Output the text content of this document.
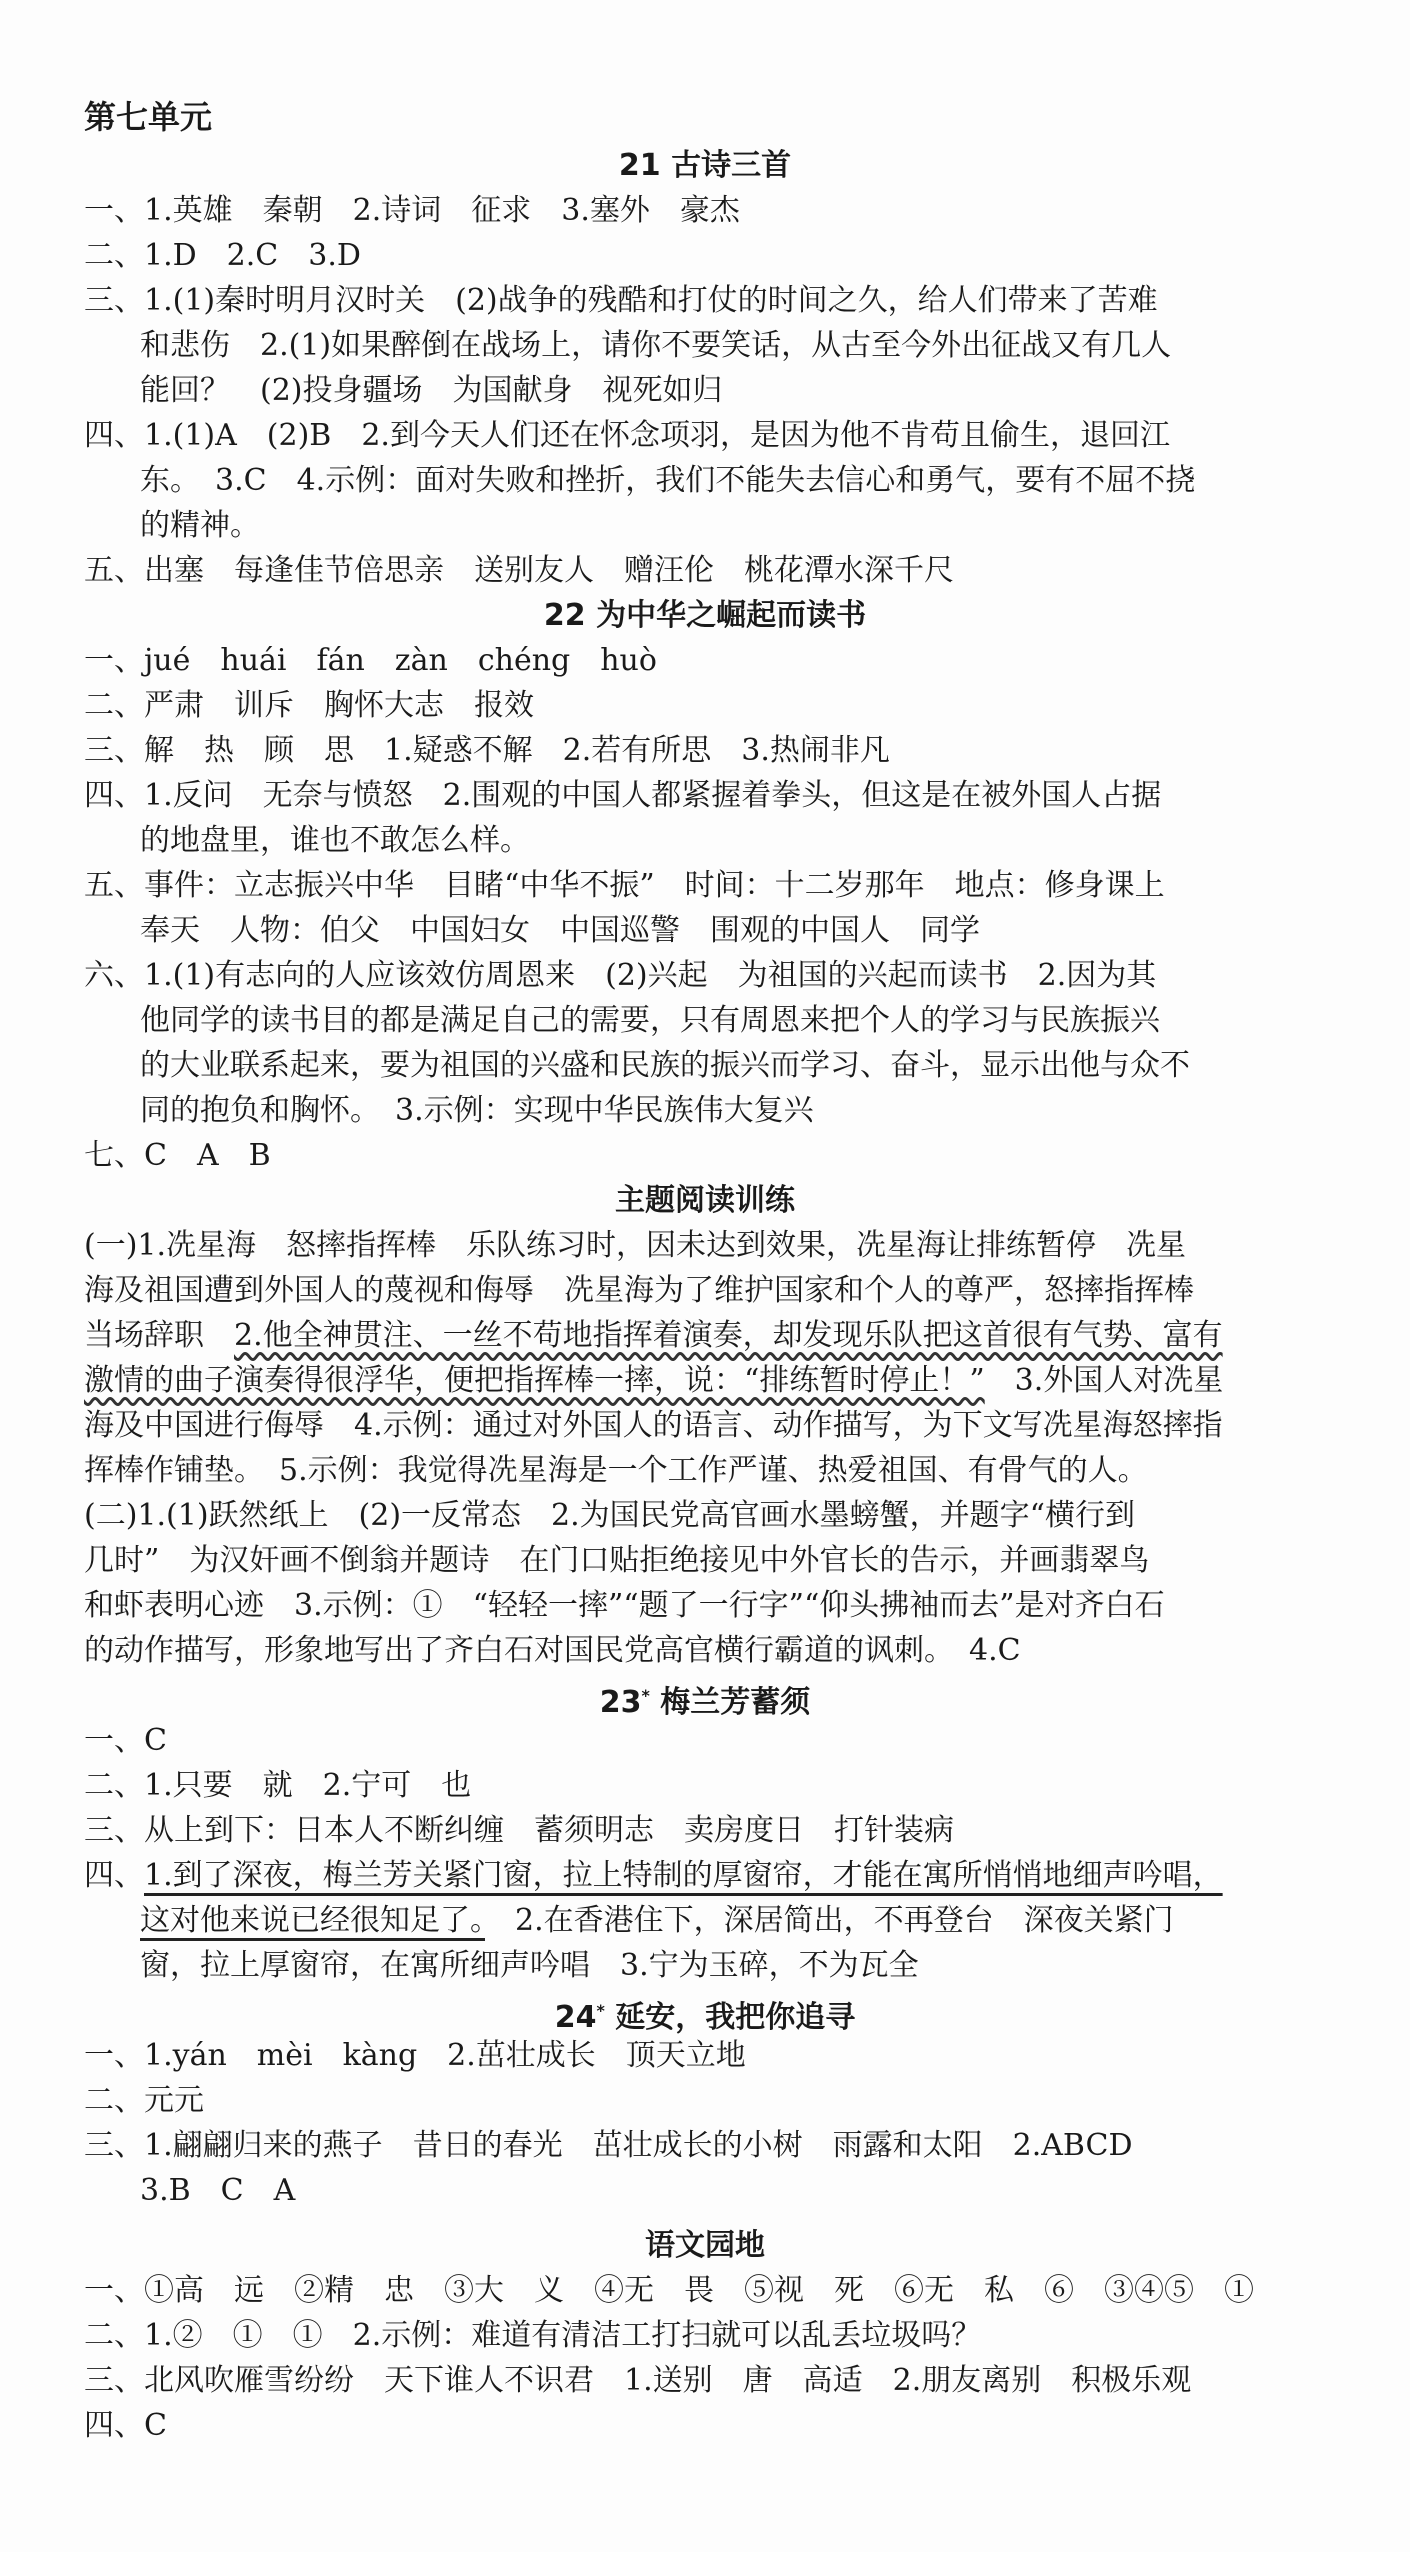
第七单元
21 古诗三首

一、1.英雄　秦朝　2.诗词　征求　3.塞外　豪杰

二、1.D　2.C　3.D

三、1.(1)秦时明月汉时关　(2)战争的残酷和打仗的时间之久，给人们带来了苦难

和悲伤　2.(1)如果醉倒在战场上，请你不要笑话，从古至今外出征战又有几人

能回？　(2)投身疆场　为国献身　视死如归

四、1.(1)A　(2)B　2.到今天人们还在怀念项羽，是因为他不肯苟且偷生，退回江

东。　3.C　4.示例：面对失败和挫折，我们不能失去信心和勇气，要有不屈不挠

的精神。

五、出塞　每逢佳节倍思亲　送别友人　赠汪伦　桃花潭水深千尺

22 为中华之崛起而读书

一、jué　huái　fán　zàn　chéng　huò

二、严肃　训斥　胸怀大志　报效

三、解　热　顾　思　1.疑惑不解　2.若有所思　3.热闹非凡

四、1.反问　无奈与愤怒　2.围观的中国人都紧握着拳头，但这是在被外国人占据

的地盘里，谁也不敢怎么样。

五、事件：立志振兴中华　目睹“中华不振”　时间：十二岁那年　地点：修身课上

奉天　人物：伯父　中国妇女　中国巡警　围观的中国人　同学

六、1.(1)有志向的人应该效仿周恩来　(2)兴起　为祖国的兴起而读书　2.因为其

他同学的读书目的都是满足自己的需要，只有周恩来把个人的学习与民族振兴

的大业联系起来，要为祖国的兴盛和民族的振兴而学习、奋斗，显示出他与众不

同的抱负和胸怀。　3.示例：实现中华民族伟大复兴

七、C　A　B

主题阅读训练

(一)1.冼星海　怒摔指挥棒　乐队练习时，因未达到效果，冼星海让排练暂停　冼星

海及祖国遭到外国人的蔑视和侮辱　冼星海为了维护国家和个人的尊严，怒摔指挥棒

当场辞职　2.他全神贯注、一丝不苟地指挥着演奏，却发现乐队把这首很有气势、富有

激情的曲子演奏得很浮华，便把指挥棒一摔，说：“排练暂时停止！”　3.外国人对冼星

海及中国进行侮辱　4.示例：通过对外国人的语言、动作描写，为下文写冼星海怒摔指

挥棒作铺垫。　5.示例：我觉得冼星海是一个工作严谨、热爱祖国、有骨气的人。

(二)1.(1)跃然纸上　(2)一反常态　2.为国民党高官画水墨螃蟹，并题字“横行到

几时”　为汉奸画不倒翁并题诗　在门口贴拒绝接见中外官长的告示，并画翡翠鸟

和虾表明心迹　3.示例：①　“轻轻一摔”“题了一行字”“仰头拂袖而去”是对齐白石

的动作描写，形象地写出了齐白石对国民党高官横行霸道的讽刺。　4.C

23* 梅兰芳蓄须

一、C

二、1.只要　就　2.宁可　也

三、从上到下：日本人不断纠缠　蓄须明志　卖房度日　打针装病

四、1.到了深夜，梅兰芳关紧门窗，拉上特制的厚窗帘，才能在寓所悄悄地细声吟唱，

这对他来说已经很知足了。　2.在香港住下，深居简出，不再登台　深夜关紧门

窗，拉上厚窗帘，在寓所细声吟唱　3.宁为玉碎，不为瓦全

24* 延安，我把你追寻

一、1.yán　mèi　kàng　2.茁壮成长　顶天立地

二、元元

三、1.翩翩归来的燕子　昔日的春光　茁壮成长的小树　雨露和太阳　2.ABCD

3.B　C　A

语文园地

一、①高　远　②精　忠　③大　义　④无　畏　⑤视　死　⑥无　私　⑥　③④⑤　①

二、1.②　①　①　2.示例：难道有清洁工打扫就可以乱丢垃圾吗？

三、北风吹雁雪纷纷　天下谁人不识君　1.送别　唐　高适　2.朋友离别　积极乐观

四、C
